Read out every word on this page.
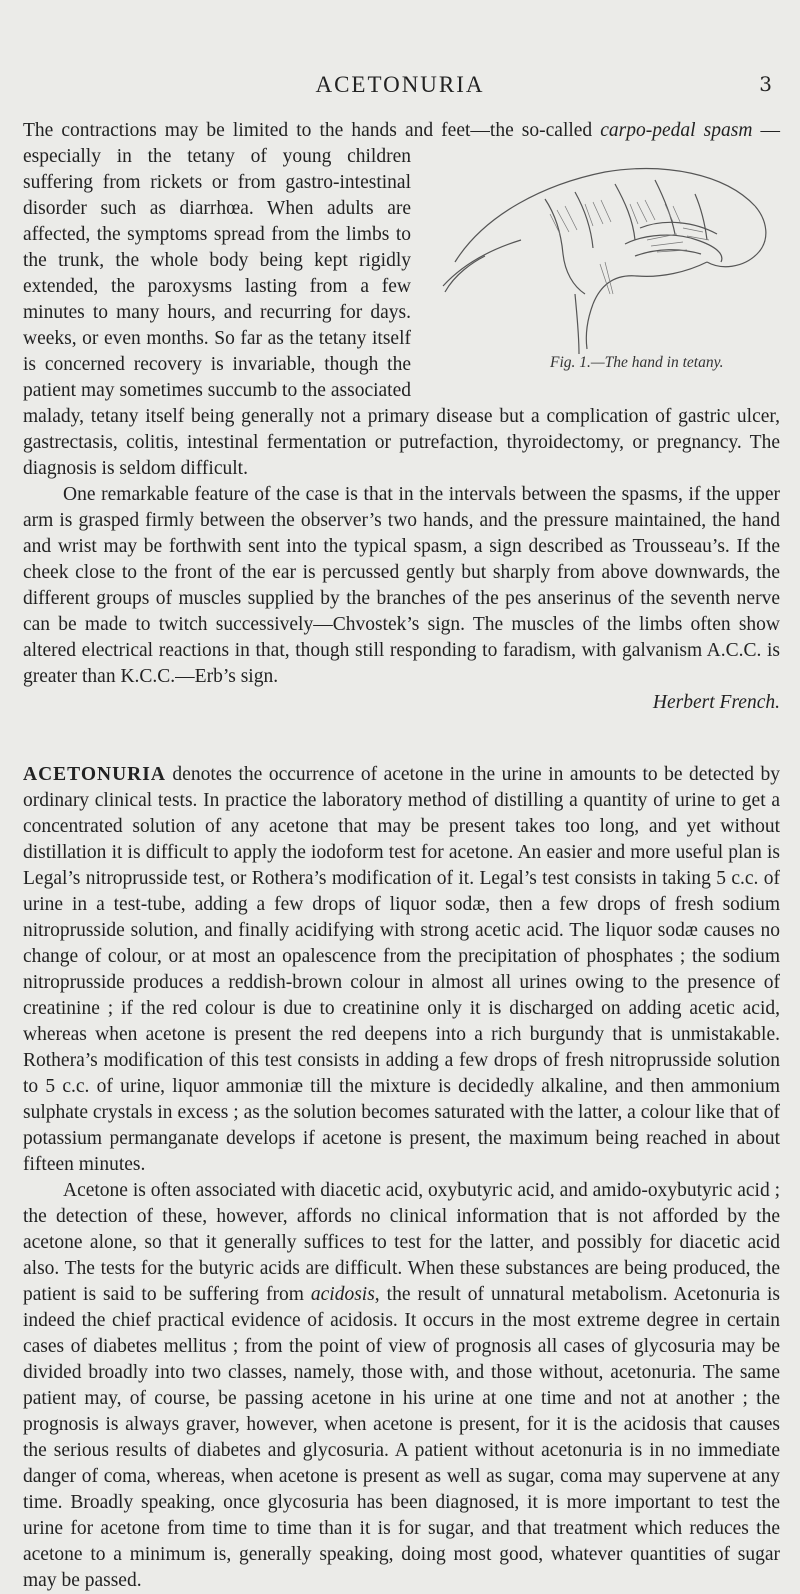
ACETONURIA	3

The contractions may be limited to the hands and feet—the so-called carpo-pedal spasm
Fig. 1.—The hand in tetany.
—especially in the tetany of young children suffering from rickets or from gastro-intestinal disorder such as diarrhœa. When adults are affected, the symptoms spread from the limbs to the trunk, the whole body being kept rigidly extended, the paroxysms lasting from a few minutes to many hours, and recurring for days. weeks, or even months. So far as the tetany itself is concerned recovery is invariable, though the patient may sometimes succumb to the associated malady, tetany itself being generally not a primary disease but a complication of gastric ulcer, gastrectasis, colitis, intestinal fermentation or putrefaction, thyroidectomy, or pregnancy. The diagnosis is seldom difficult.

One remarkable feature of the case is that in the intervals between the spasms, if the upper arm is grasped firmly between the observer’s two hands, and the pressure maintained, the hand and wrist may be forthwith sent into the typical spasm, a sign described as Trousseau’s. If the cheek close to the front of the ear is percussed gently but sharply from above downwards, the different groups of muscles supplied by the branches of the pes anserinus of the seventh nerve can be made to twitch successively—Chvostek’s sign. The muscles of the limbs often show altered electrical reactions in that, though still responding to faradism, with galvanism A.C.C. is greater than K.C.C.—Erb’s sign.

Herbert French.

ACETONURIA denotes the occurrence of acetone in the urine in amounts to be detected by ordinary clinical tests. In practice the laboratory method of distilling a quantity of urine to get a concentrated solution of any acetone that may be present takes too long, and yet without distillation it is difficult to apply the iodoform test for acetone. An easier and more useful plan is Legal’s nitroprusside test, or Rothera’s modification of it. Legal’s test consists in taking 5 c.c. of urine in a test-tube, adding a few drops of liquor sodæ, then a few drops of fresh sodium nitroprusside solution, and finally acidifying with strong acetic acid. The liquor sodæ causes no change of colour, or at most an opalescence from the precipitation of phosphates ; the sodium nitroprusside produces a reddish-brown colour in almost all urines owing to the presence of creatinine ; if the red colour is due to creatinine only it is discharged on adding acetic acid, whereas when acetone is present the red deepens into a rich burgundy that is unmistakable. Rothera’s modification of this test consists in adding a few drops of fresh nitroprusside solution to 5 c.c. of urine, liquor ammoniæ till the mixture is decidedly alkaline, and then ammonium sulphate crystals in excess ; as the solution becomes saturated with the latter, a colour like that of potassium permanganate develops if acetone is present, the maximum being reached in about fifteen minutes.

Acetone is often associated with diacetic acid, oxybutyric acid, and amido-oxybutyric acid ; the detection of these, however, affords no clinical information that is not afforded by the acetone alone, so that it generally suffices to test for the latter, and possibly for diacetic acid also. The tests for the butyric acids are difficult. When these substances are being produced, the patient is said to be suffering from acidosis, the result of unnatural metabolism. Acetonuria is indeed the chief practical evidence of acidosis. It occurs in the most extreme degree in certain cases of diabetes mellitus ; from the point of view of prognosis all cases of glycosuria may be divided broadly into two classes, namely, those with, and those without, acetonuria. The same patient may, of course, be passing acetone in his urine at one time and not at another ; the prognosis is always graver, however, when acetone is present, for it is the acidosis that causes the serious results of diabetes and glycosuria. A patient without acetonuria is in no immediate danger of coma, whereas, when acetone is present as well as sugar, coma may supervene at any time. Broadly speaking, once glycosuria has been diagnosed, it is more important to test the urine for acetone from time to time than it is for sugar, and that treatment which reduces the acetone to a minimum is, generally speaking, doing most good, whatever quantities of sugar may be passed.
